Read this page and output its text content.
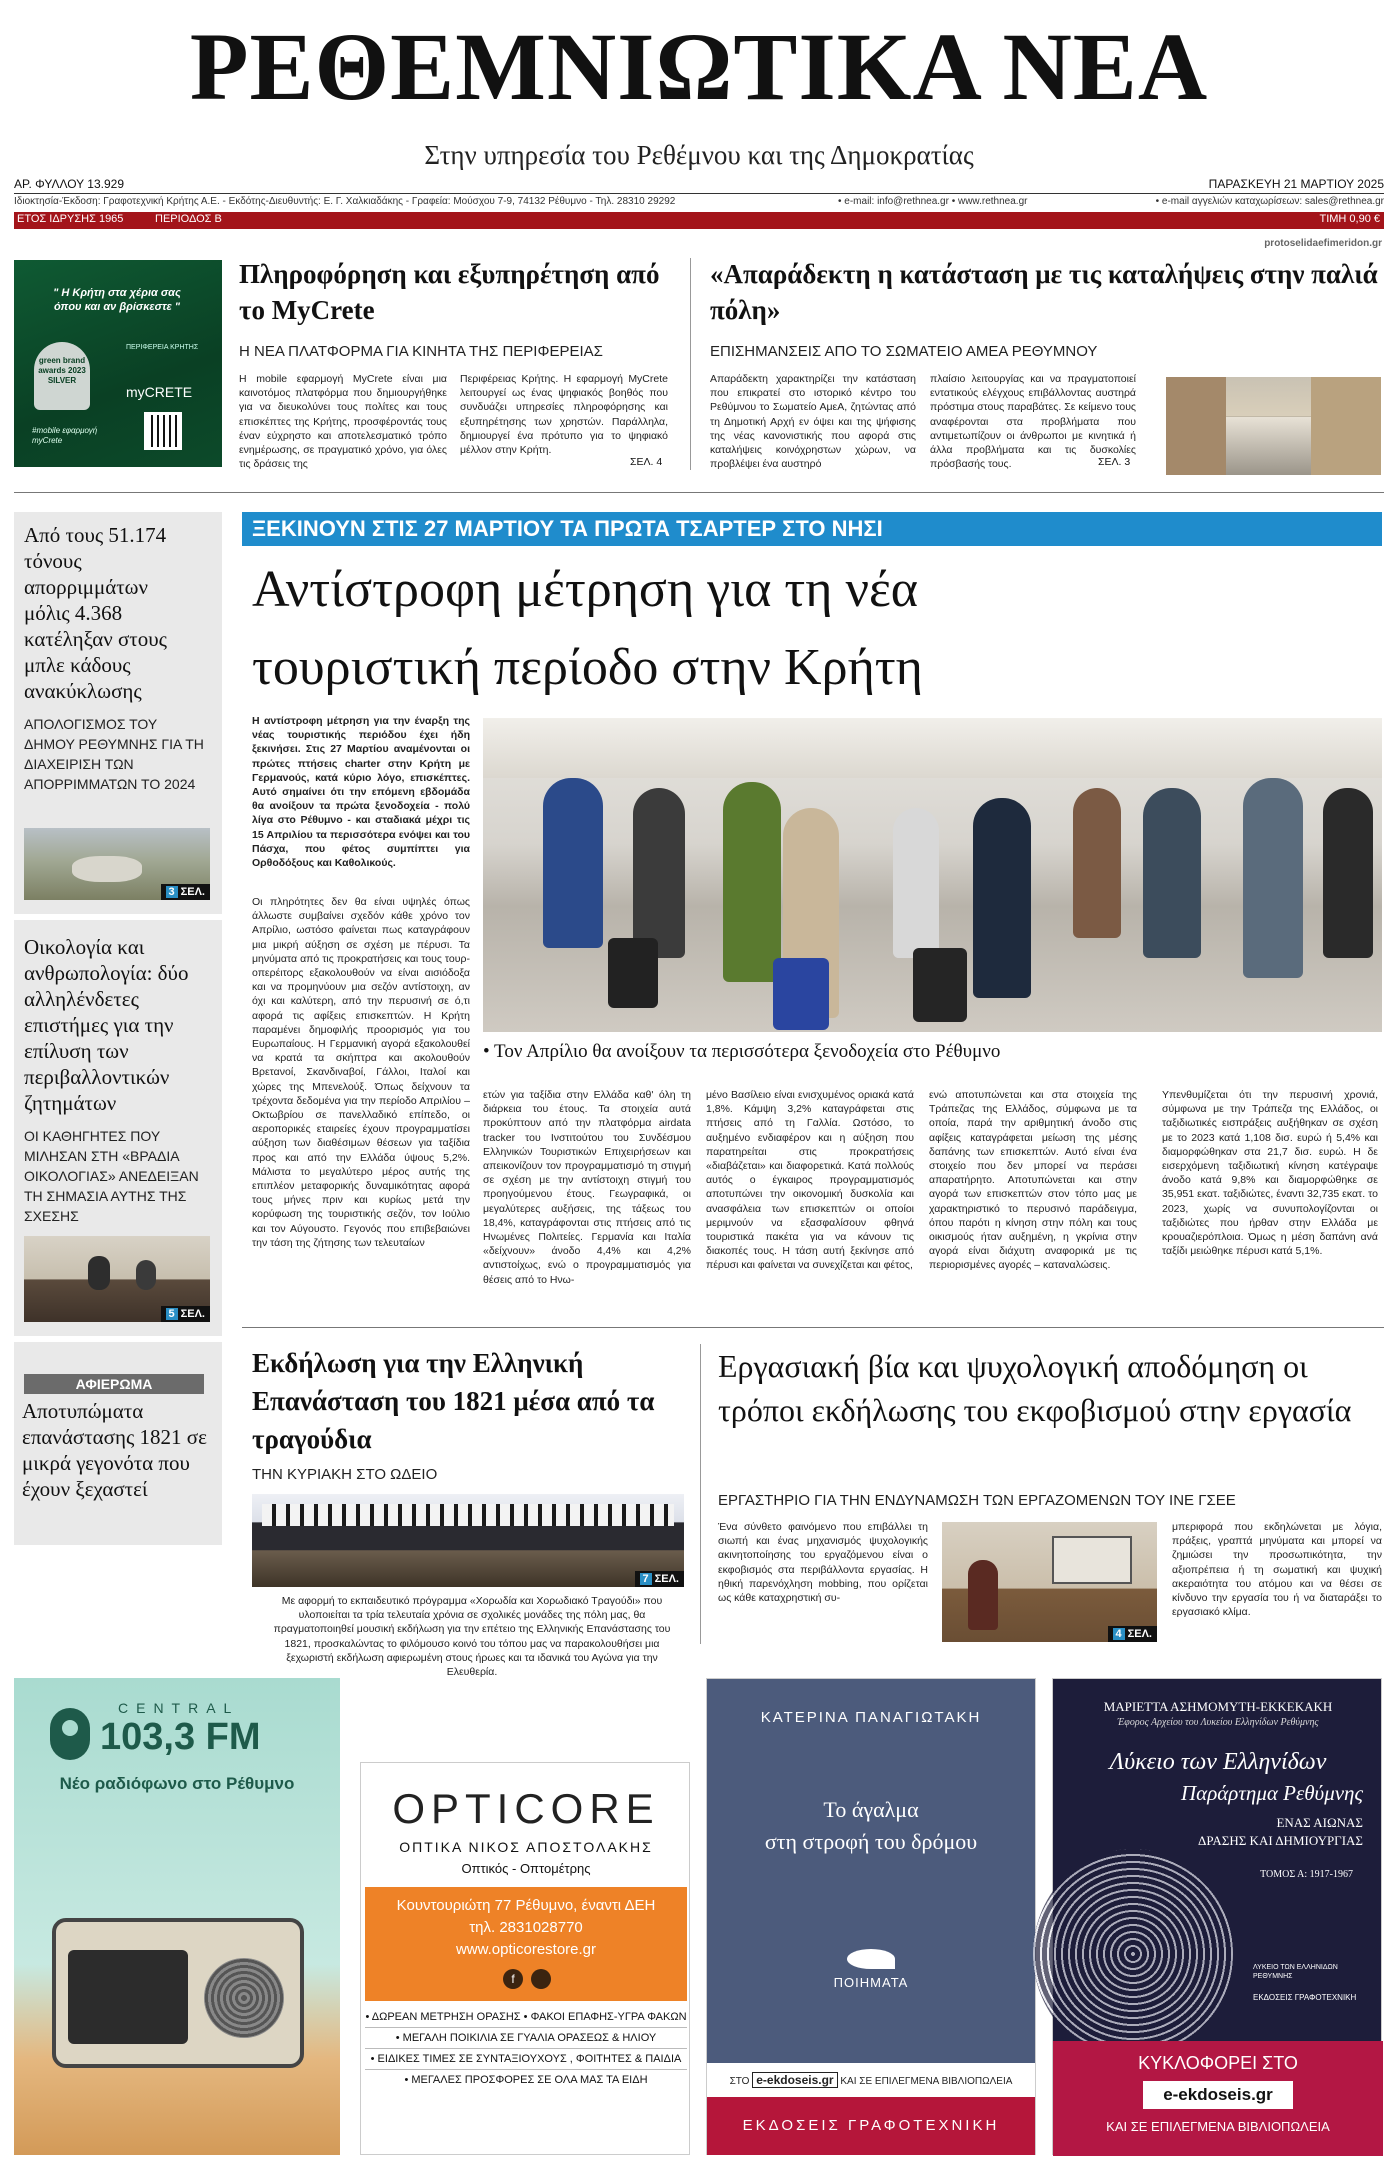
ΡΕΘΕΜΝΙΩΤΙΚΑ ΝΕΑ
Στην υπηρεσία του Ρεθέμνου και της Δημοκρατίας
ΑΡ. ΦΥΛΛΟΥ 13.929	ΠΑΡΑΣΚΕΥΗ 21 ΜΑΡΤΙΟΥ 2025
Ιδιοκτησία-Έκδοση: Γραφοτεχνική Κρήτης Α.Ε. - Εκδότης-Διευθυντής: Ε. Γ. Χαλκιαδάκης - Γραφεία: Μούσχου 7-9, 74132 Ρέθυμνο - Τηλ. 28310 29292	• e-mail: info@rethnea.gr • www.rethnea.gr	• e-mail αγγελιών καταχωρίσεων: sales@rethnea.gr
ΕΤΟΣ ΙΔΡΥΣΗΣ 1965	ΠΕΡΙΟΔΟΣ Β	ΤΙΜΗ 0,90 €
protoselidaefimeridon.gr
" Η Κρήτη στα χέρια σας όπου και αν βρίσκεστε "
green brand awards 2023 SILVER
ΠΕΡΙΦΕΡΕΙΑ ΚΡΗΤΗΣ
myCRETE
#mobile εφαρμογή myCrete
Πληροφόρηση και εξυπηρέτηση από το MyCrete
Η ΝΕΑ ΠΛΑΤΦΟΡΜΑ ΓΙΑ ΚΙΝΗΤΑ ΤΗΣ ΠΕΡΙΦΕΡΕΙΑΣ
Η mobile εφαρμογή MyCrete είναι μια καινοτόμος πλατφόρμα που δημιουργήθηκε για να διευκολύνει τους πολίτες και τους επισκέπτες της Κρήτης, προσφέροντάς τους έναν εύχρηστο και αποτελεσματικό τρόπο ενημέρωσης, σε πραγματικό χρόνο, για όλες τις δράσεις της
Περιφέρειας Κρήτης. Η εφαρμογή MyCrete λειτουργεί ως ένας ψηφιακός βοηθός που συνδυάζει υπηρεσίες πληροφόρησης και εξυπηρέτησης των χρηστών. Παράλληλα, δημιουργεί ένα πρότυπο για το ψηφιακό μέλλον στην Κρήτη.
ΣΕΛ. 4
«Απαράδεκτη η κατάσταση με τις καταλήψεις στην παλιά πόλη»
ΕΠΙΣΗΜΑΝΣΕΙΣ ΑΠΟ ΤΟ ΣΩΜΑΤΕΙΟ ΑΜΕΑ ΡΕΘΥΜΝΟΥ
Απαράδεκτη χαρακτηρίζει την κατάσταση που επικρατεί στο ιστορικό κέντρο του Ρεθύμνου το Σωματείο ΑμεΑ, ζητώντας από τη Δημοτική Αρχή εν όψει και της ψήφισης της νέας κανονιστικής που αφορά στις καταλήψεις κοινόχρηστων χώρων, να προβλέψει ένα αυστηρό
πλαίσιο λειτουργίας και να πραγματοποιεί εντατικούς ελέγχους επιβάλλοντας αυστηρά πρόστιμα στους παραβάτες. Σε κείμενο τους αναφέρονται στα προβλήματα που αντιμετωπίζουν οι άνθρωποι με κινητικά ή άλλα προβλήματα και τις δυσκολίες πρόσβασής τους.	ΣΕΛ. 3
Από τους 51.174 τόνους απορριμμάτων μόλις 4.368 κατέληξαν στους μπλε κάδους ανακύκλωσης
ΑΠΟΛΟΓΙΣΜΟΣ ΤΟΥ ΔΗΜΟΥ ΡΕΘΥΜΝΗΣ ΓΙΑ ΤΗ ΔΙΑΧΕΙΡΙΣΗ ΤΩΝ ΑΠΟΡΡΙΜΜΑΤΩΝ ΤΟ 2024
3 ΣΕΛ.
Οικολογία και ανθρωπολογία: δύο αλληλένδετες επιστήμες για την επίλυση των περιβαλλοντικών ζητημάτων
ΟΙ ΚΑΘΗΓΗΤΕΣ ΠΟΥ ΜΙΛΗΣΑΝ ΣΤΗ «ΒΡΑΔΙΑ ΟΙΚΟΛΟΓΙΑΣ» ΑΝΕΔΕΙΞΑΝ ΤΗ ΣΗΜΑΣΙΑ ΑΥΤΗΣ ΤΗΣ ΣΧΕΣΗΣ
5 ΣΕΛ.
ΑΦΙΕΡΩΜΑ
Αποτυπώματα επανάστασης 1821 σε μικρά γεγονότα που έχουν ξεχαστεί
ΞΕΚΙΝΟΥΝ ΣΤΙΣ 27 ΜΑΡΤΙΟΥ ΤΑ ΠΡΩΤΑ ΤΣΑΡΤΕΡ ΣΤΟ ΝΗΣΙ
Αντίστροφη μέτρηση για τη νέα
τουριστική περίοδο στην Κρήτη
Η αντίστροφη μέτρηση για την έναρξη της νέας τουριστικής περιόδου έχει ήδη ξεκινήσει. Στις 27 Μαρτίου αναμένονται οι πρώτες πτήσεις charter στην Κρήτη με Γερμανούς, κατά κύριο λόγο, επισκέπτες. Αυτό σημαίνει ότι την επόμενη εβδομάδα θα ανοίξουν τα πρώτα ξενοδοχεία - πολύ λίγα στο Ρέθυμνο - και σταδιακά μέχρι τις 15 Απριλίου τα περισσότερα ενόψει και του Πάσχα, που φέτος συμπίπτει για Ορθοδόξους και Καθολικούς.
Οι πληρότητες δεν θα είναι υψηλές όπως άλλωστε συμβαίνει σχεδόν κάθε χρόνο τον Απρίλιο, ωστόσο φαίνεται πως καταγράφουν μια μικρή αύξηση σε σχέση με πέρυσι. Τα μηνύματα από τις προκρατήσεις και τους τουρ-οπερέιτορς εξακολουθούν να είναι αισιόδοξα και να προμηνύουν μια σεζόν αντίστοιχη, αν όχι και καλύτερη, από την περυσινή σε ό,τι αφορά τις αφίξεις επισκεπτών. Η Κρήτη παραμένει δημοφιλής προορισμός για του Ευρωπαίους. Η Γερμανική αγορά εξακολουθεί να κρατά τα σκήπτρα και ακολουθούν Βρετανοί, Σκανδιναβοί, Γάλλοι, Ιταλοί και χώρες της Μπενελούξ. Όπως δείχνουν τα τρέχοντα δεδομένα για την περίοδο Απριλίου – Οκτωβρίου σε πανελλαδικό επίπεδο, οι αεροπορικές εταιρείες έχουν προγραμματίσει αύξηση των διαθέσιμων θέσεων για ταξίδια προς και από την Ελλάδα ύψους 5,2%. Μάλιστα το μεγαλύτερο μέρος αυτής της επιπλέον μεταφορικής δυναμικότητας αφορά τους μήνες πριν και κυρίως μετά την κορύφωση της τουριστικής σεζόν, τον Ιούλιο και τον Αύγουστο. Γεγονός που επιβεβαιώνει την τάση της ζήτησης των τελευταίων
• Τον Απρίλιο θα ανοίξουν τα περισσότερα ξενοδοχεία στο Ρέθυμνο
ετών για ταξίδια στην Ελλάδα καθ' όλη τη διάρκεια του έτους. Τα στοιχεία αυτά προκύπτουν από την πλατφόρμα airdata tracker του Ινστιτούτου του Συνδέσμου Ελληνικών Τουριστικών Επιχειρήσεων και απεικονίζουν τον προγραμματισμό τη στιγμή σε σχέση με την αντίστοιχη στιγμή του προηγούμενου έτους. Γεωγραφικά, οι μεγαλύτερες αυξήσεις, της τάξεως του 18,4%, καταγράφονται στις πτήσεις από τις Ηνωμένες Πολιτείες. Γερμανία και Ιταλία «δείχνουν» άνοδο 4,4% και 4,2% αντιστοίχως, ενώ ο προγραμματισμός για θέσεις από το Ηνω-
μένο Βασίλειο είναι ενισχυμένος οριακά κατά 1,8%. Κάμψη 3,2% καταγράφεται στις πτήσεις από τη Γαλλία. Ωστόσο, το αυξημένο ενδιαφέρον και η αύξηση που παρατηρείται στις προκρατήσεις «διαβάζεται» και διαφορετικά. Κατά πολλούς αυτός ο έγκαιρος προγραμματισμός αποτυπώνει την οικονομική δυσκολία και ανασφάλεια των επισκεπτών οι οποίοι μεριμνούν να εξασφαλίσουν φθηνά τουριστικά πακέτα για να κάνουν τις διακοπές τους. Η τάση αυτή ξεκίνησε από πέρυσι και φαίνεται να συνεχίζεται και φέτος,
ενώ αποτυπώνεται και στα στοιχεία της Τράπεζας της Ελλάδος, σύμφωνα με τα οποία, παρά την αριθμητική άνοδο στις αφίξεις καταγράφεται μείωση της μέσης δαπάνης των επισκεπτών. Αυτό είναι ένα στοιχείο που δεν μπορεί να περάσει απαρατήρητο. Αποτυπώνεται και στην αγορά των επισκεπτών στον τόπο μας με χαρακτηριστικό το περυσινό παράδειγμα, όπου παρότι η κίνηση στην πόλη και τους οικισμούς ήταν αυξημένη, η γκρίνια στην αγορά είναι διάχυτη αναφορικά με τις περιορισμένες αγορές – καταναλώσεις.
Υπενθυμίζεται ότι την περυσινή χρονιά, σύμφωνα με την Τράπεζα της Ελλάδος, οι ταξιδιωτικές εισπράξεις αυξήθηκαν σε σχέση με το 2023 κατά 1,108 δισ. ευρώ ή 5,4% και διαμορφώθηκαν στα 21,7 δισ. ευρώ. Η δε εισερχόμενη ταξιδιωτική κίνηση κατέγραψε άνοδο κατά 9,8% και διαμορφώθηκε σε 35,951 εκατ. ταξιδιώτες, έναντι 32,735 εκατ. το 2023, χωρίς να συνυπολογίζονται οι ταξιδιώτες που ήρθαν στην Ελλάδα με κρουαζιερόπλοια. Όμως η μέση δαπάνη ανά ταξίδι μειώθηκε πέρυσι κατά 5,1%.
Εκδήλωση για την Ελληνική Επανάσταση του 1821 μέσα από τα τραγούδια
ΤΗΝ ΚΥΡΙΑΚΗ ΣΤΟ ΩΔΕΙΟ
7 ΣΕΛ.
Με αφορμή το εκπαιδευτικό πρόγραμμα «Χορωδία και Χορωδιακό Τραγούδι» που υλοποιείται τα τρία τελευταία χρόνια σε σχολικές μονάδες της πόλη μας, θα πραγματοποιηθεί μουσική εκδήλωση για την επέτειο της Ελληνικής Επανάστασης του 1821, προσκαλώντας το φιλόμουσο κοινό του τόπου μας να παρακολουθήσει μια ξεχωριστή εκδήλωση αφιερωμένη στους ήρωες και τα ιδανικά του Αγώνα για την Ελευθερία.
Εργασιακή βία και ψυχολογική αποδόμηση οι τρόποι εκδήλωσης του εκφοβισμού στην εργασία
ΕΡΓΑΣΤΗΡΙΟ ΓΙΑ ΤΗΝ ΕΝΔΥΝΑΜΩΣΗ ΤΩΝ ΕΡΓΑΖΟΜΕΝΩΝ ΤΟΥ ΙΝΕ ΓΣΕΕ
Ένα σύνθετο φαινόμενο που επιβάλλει τη σιωπή και ένας μηχανισμός ψυχολογικής ακινητοποίησης του εργαζόμενου είναι ο εκφοβισμός στα περιβάλλοντα εργασίας. Η ηθική παρενόχληση mobbing, που ορίζεται ως κάθε καταχρηστική συ-
4 ΣΕΛ.
μπεριφορά που εκδηλώνεται με λόγια, πράξεις, γραπτά μηνύματα και μπορεί να ζημιώσει την προσωπικότητα, την αξιοπρέπεια ή τη σωματική και ψυχική ακεραιότητα του ατόμου και να θέσει σε κίνδυνο την εργασία του ή να διαταράξει το εργασιακό κλίμα.
CENTRAL
103,3 FM
Νέο ραδιόφωνο στο Ρέθυμνο
OPTICORE
ΟΠΤΙΚΑ ΝΙΚΟΣ ΑΠΟΣΤΟΛΑΚΗΣ
Οπτικός - Οπτομέτρης
Κουντουριώτη 77 Ρέθυμνο, έναντι ΔΕΗ
τηλ. 2831028770
www.opticorestore.gr
f
• ΔΩΡΕΑΝ ΜΕΤΡΗΣΗ ΟΡΑΣΗΣ • ΦΑΚΟΙ ΕΠΑΦΗΣ-ΥΓΡΑ ΦΑΚΩΝ
• ΜΕΓΑΛΗ ΠΟΙΚΙΛΙΑ ΣΕ ΓΥΑΛΙΑ ΟΡΑΣΕΩΣ & ΗΛΙΟΥ
• ΕΙΔΙΚΕΣ ΤΙΜΕΣ ΣΕ ΣΥΝΤΑΞΙΟΥΧΟΥΣ , ΦΟΙΤΗΤΕΣ & ΠΑΙΔΙΑ
• ΜΕΓΑΛΕΣ ΠΡΟΣΦΟΡΕΣ ΣΕ ΟΛΑ ΜΑΣ ΤΑ ΕΙΔΗ
ΚΑΤΕΡΙΝΑ ΠΑΝΑΓΙΩΤΑΚΗ
Το άγαλμα
στη στροφή του δρόμου
ΠΟΙΗΜΑΤΑ
ΣΤΟ e-ekdoseis.gr ΚΑΙ ΣΕ ΕΠΙΛΕΓΜΕΝΑ ΒΙΒΛΙΟΠΩΛΕΙΑ
ΕΚΔΟΣΕΙΣ ΓΡΑΦΟΤΕΧΝΙΚΗ
ΜΑΡΙΕΤΤΑ ΑΣΗΜΟΜΥΤΗ-ΕΚΚΕΚΑΚΗ
Έφορος Αρχείου του Λυκείου Ελληνίδων Ρεθύμνης
Λύκειο των Ελληνίδων
Παράρτημα Ρεθύμνης
ΕΝΑΣ ΑΙΩΝΑΣ
ΔΡΑΣΗΣ ΚΑΙ ΔΗΜΙΟΥΡΓΙΑΣ
ΤΟΜΟΣ Α: 1917-1967
ΛΥΚΕΙΟ ΤΩΝ ΕΛΛΗΝΙΔΩΝ ΡΕΘΥΜΝΗΣ
ΕΚΔΟΣΕΙΣ ΓΡΑΦΟΤΕΧΝΙΚΗ
ΚΥΚΛΟΦΟΡΕΙ ΣΤΟ
e-ekdoseis.gr
ΚΑΙ ΣΕ ΕΠΙΛΕΓΜΕΝΑ ΒΙΒΛΙΟΠΩΛΕΙΑ
